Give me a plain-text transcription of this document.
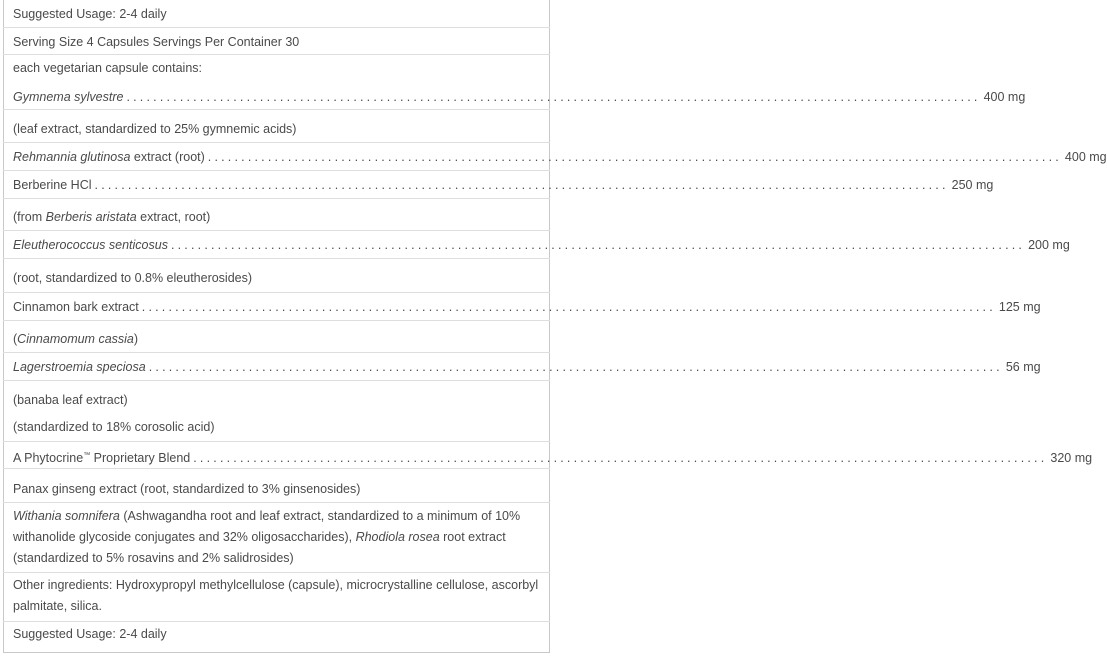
Suggested Usage: 2-4 daily
Serving Size 4 Capsules Servings Per Container 30
each vegetarian capsule contains:
Gymnema sylvestre ................................................................................................................................ 400 mg
(leaf extract, standardized to 25% gymnemic acids)
Rehmannia glutinosa extract (root) ................................................................................................................................ 400 mg
Berberine HCl ................................................................................................................................ 250 mg
(from Berberis aristata extract, root)
Eleutherococcus senticosus ................................................................................................................................ 200 mg
(root, standardized to 0.8% eleutherosides)
Cinnamon bark extract ................................................................................................................................ 125 mg
(Cinnamomum cassia)
Lagerstroemia speciosa ................................................................................................................................ 56 mg
(banaba leaf extract)
(standardized to 18% corosolic acid)
A Phytocrine™ Proprietary Blend ................................................................................................................................ 320 mg
Panax ginseng extract (root, standardized to 3% ginsenosides)
Withania somnifera (Ashwagandha root and leaf extract, standardized to a minimum of 10% withanolide glycoside conjugates and 32% oligosaccharides), Rhodiola rosea root extract (standardized to 5% rosavins and 2% salidrosides)
Other ingredients: Hydroxypropyl methylcellulose (capsule), microcrystalline cellulose, ascorbyl palmitate, silica.
Suggested Usage: 2-4 daily
